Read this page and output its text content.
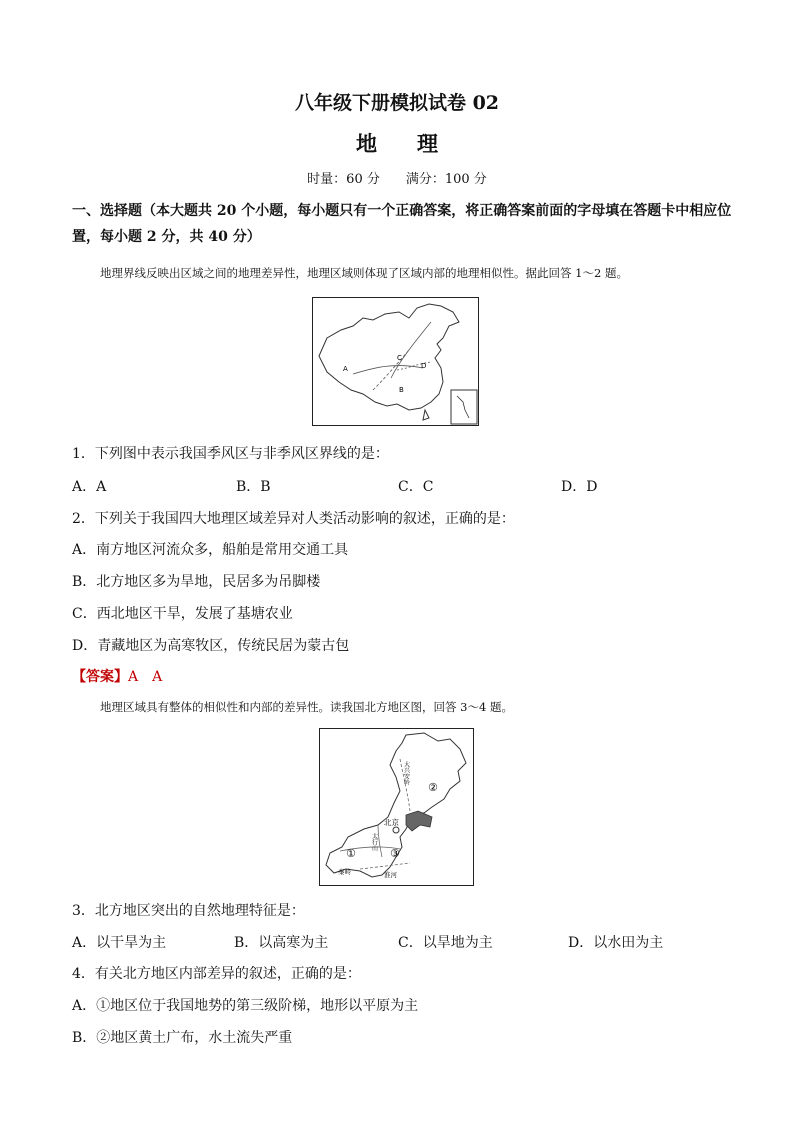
八年级下册模拟试卷 02
地 理
时量：60 分 满分：100 分
一、选择题（本大题共 20 个小题，每小题只有一个正确答案，将正确答案前面的字母填在答题卡中相应位
置，每小题 2 分，共 40 分）
地理界线反映出区域之间的地理差异性，地理区域则体现了区域内部的地理相似性。据此回答 1～2 题。
A
B
C
D
1．下列图中表示我国季风区与非季风区界线的是：
A．A	B．B	C．C	D．D
2．下列关于我国四大地理区域差异对人类活动影响的叙述，正确的是：
A．南方地区河流众多，船舶是常用交通工具
B．北方地区多为旱地，民居多为吊脚楼
C．西北地区干旱，发展了基塘农业
D．青藏地区为高寒牧区，传统民居为蒙古包
【答案】A　A
地理区域具有整体的相似性和内部的差异性。读我国北方地区图，回答 3～4 题。
北京
①
②
③
太行山
大兴安岭
秦岭	淮河
3．北方地区突出的自然地理特征是：
A．以干旱为主	B．以高寒为主	C．以旱地为主	D．以水田为主
4．有关北方地区内部差异的叙述，正确的是：
A．①地区位于我国地势的第三级阶梯，地形以平原为主
B．②地区黄土广布，水土流失严重
